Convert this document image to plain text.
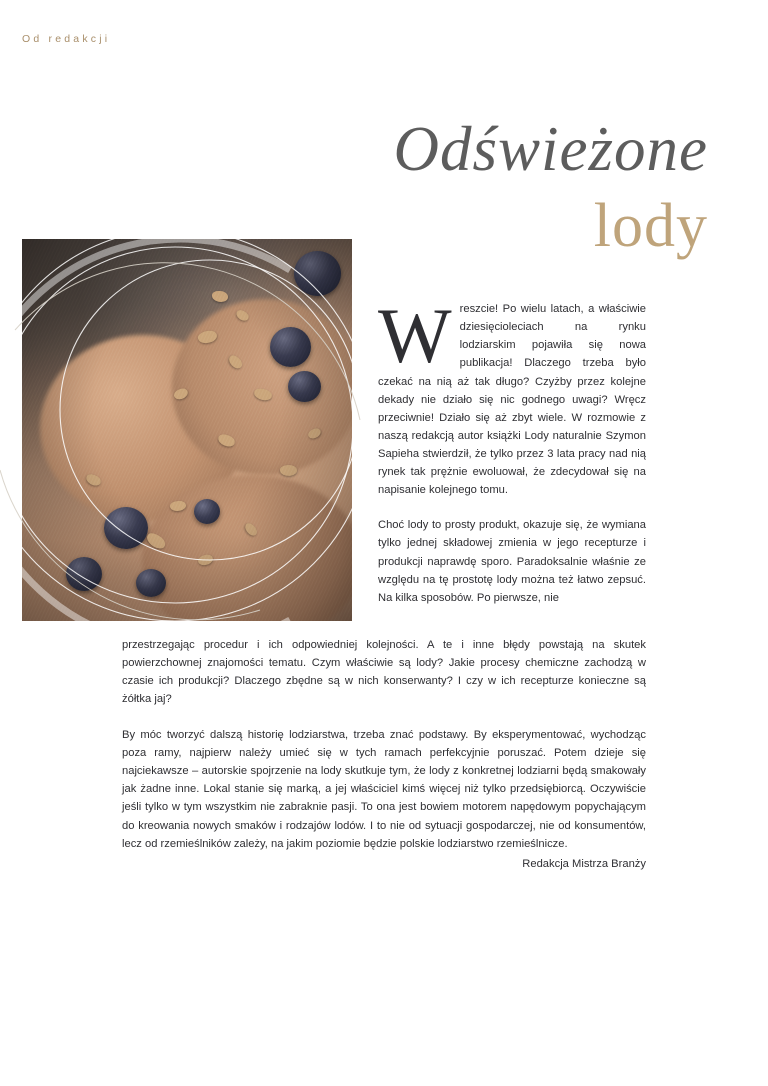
Od redakcji
Odświeżone
lody

Wreszcie! Po wielu latach, a właściwie dziesięcioleciach na rynku lodziarskim pojawiła się nowa publikacja! Dlaczego trzeba było czekać na nią aż tak długo? Czyżby przez kolejne dekady nie działo się nic godnego uwagi? Wręcz przeciwnie! Działo się aż zbyt wiele. W rozmowie z naszą redakcją autor książki Lody naturalnie Szymon Sapieha stwierdził, że tylko przez 3 lata pracy nad nią rynek tak prężnie ewoluował, że zdecydował się na napisanie kolejnego tomu.

Choć lody to prosty produkt, okazuje się, że wymiana tylko jednej składowej zmienia w jego recepturze i produkcji naprawdę sporo. Paradoksalnie właśnie ze względu na tę prostotę lody można też łatwo zepsuć. Na kilka sposobów. Po pierwsze, nie

przestrzegając procedur i ich odpowiedniej kolejności. A te i inne błędy powstają na skutek powierzchownej znajomości tematu. Czym właściwie są lody? Jakie procesy chemiczne zachodzą w czasie ich produkcji? Dlaczego zbędne są w nich konserwanty? I czy w ich recepturze konieczne są żółtka jaj?

By móc tworzyć dalszą historię lodziarstwa, trzeba znać podstawy. By eksperymentować, wychodząc poza ramy, najpierw należy umieć się w tych ramach perfekcyjnie poruszać. Potem dzieje się najciekawsze – autorskie spojrzenie na lody skutkuje tym, że lody z konkretnej lodziarni będą smakowały jak żadne inne. Lokal stanie się marką, a jej właściciel kimś więcej niż tylko przedsiębiorcą. Oczywiście jeśli tylko w tym wszystkim nie zabraknie pasji. To ona jest bowiem motorem napędowym popychającym do kreowania nowych smaków i rodzajów lodów. I to nie od sytuacji gospodarczej, nie od konsumentów, lecz od rzemieślników zależy, na jakim poziomie będzie polskie lodziarstwo rzemieślnicze.

Redakcja Mistrza Branży
